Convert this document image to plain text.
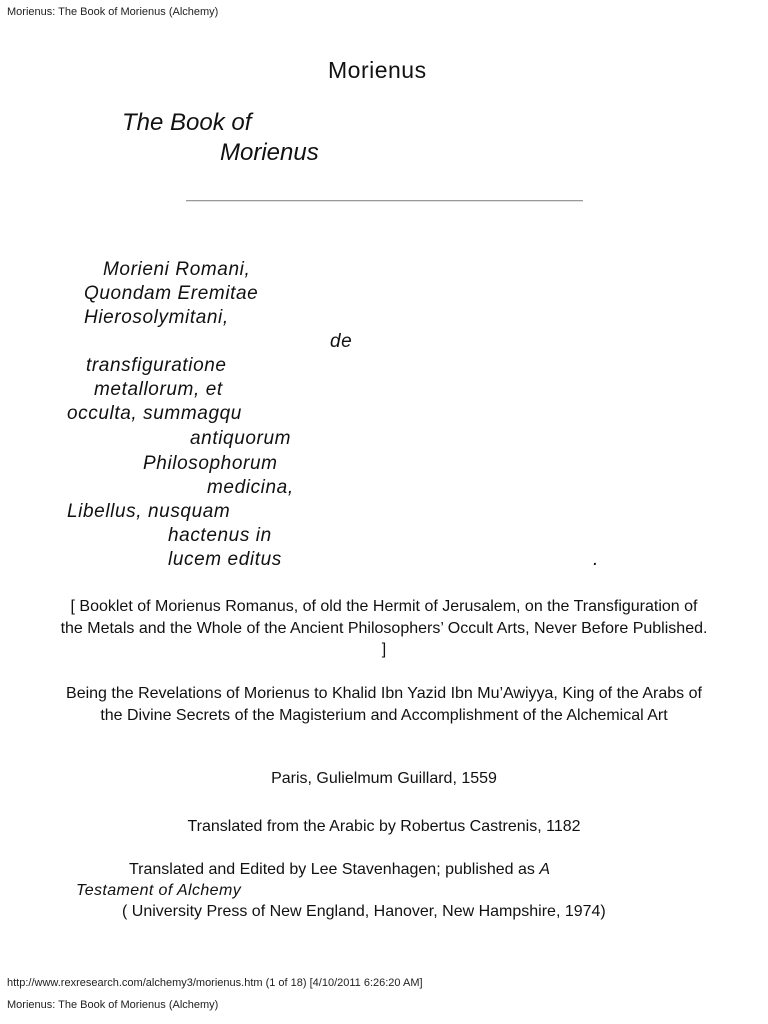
Morienus: The Book of Morienus (Alchemy)
Morienus
The Book of
Morienus
Morieni Romani,
Quondam Eremitae
Hierosolymitani,
de
transfiguratione
metallorum, et
occulta, summagqu
antiquorum
Philosophorum
medicina,
Libellus, nusquam
hactenus in
lucem editus	.
[ Booklet of Morienus Romanus, of old the Hermit of Jerusalem, on the Transfiguration of the Metals and the Whole of the Ancient Philosophers’ Occult Arts, Never Before Published. ]
Being the Revelations of Morienus to Khalid Ibn Yazid Ibn Mu’Awiyya, King of the Arabs of the Divine Secrets of the Magisterium and Accomplishment of the Alchemical Art
Paris, Gulielmum Guillard, 1559
Translated from the Arabic by Robertus Castrenis, 1182
Translated and Edited by Lee Stavenhagen; published as A
Testament of Alchemy
( University Press of New England, Hanover, New Hampshire, 1974)
http://www.rexresearch.com/alchemy3/morienus.htm (1 of 18) [4/10/2011 6:26:20 AM]
Morienus: The Book of Morienus (Alchemy)
